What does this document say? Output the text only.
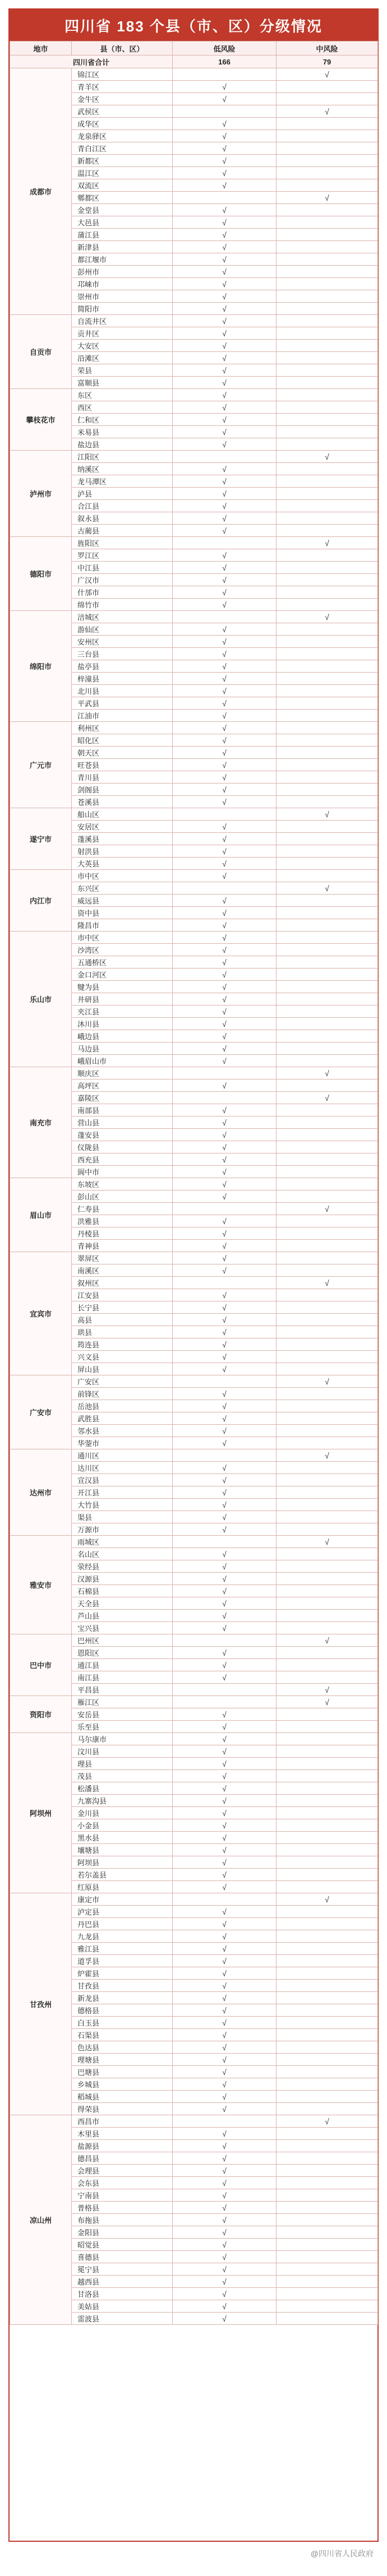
四川省 183 个县（市、区）分级情况
地市	县（市、区）	低风险	中风险
四川省合计		166	79
成都市	锦江区		√
	青羊区	√	
	金牛区	√	
	武侯区		√
	成华区	√	
	龙泉驿区	√	
	青白江区	√	
	新都区	√	
	温江区	√	
	双流区	√	
	郫都区		√
	金堂县	√	
	大邑县	√	
	蒲江县	√	
	新津县	√	
	都江堰市	√	
	彭州市	√	
	邛崃市	√	
	崇州市	√	
	简阳市	√	
自贡市	自流井区	√	
	贡井区	√	
	大安区	√	
	沿滩区	√	
	荣县	√	
	富顺县	√	
攀枝花市	东区	√	
	西区	√	
	仁和区	√	
	米易县	√	
	盐边县	√	
泸州市	江阳区		√
	纳溪区	√	
	龙马潭区	√	
	泸县	√	
	合江县	√	
	叙永县	√	
	古蔺县	√	
德阳市	旌阳区		√
	罗江区	√	
	中江县	√	
	广汉市	√	
	什邡市	√	
	绵竹市	√	
绵阳市	涪城区		√
	游仙区	√	
	安州区	√	
	三台县	√	
	盐亭县	√	
	梓潼县	√	
	北川县	√	
	平武县	√	
	江油市	√	
广元市	利州区	√	
	昭化区	√	
	朝天区	√	
	旺苍县	√	
	青川县	√	
	剑阁县	√	
	苍溪县	√	
遂宁市	船山区		√
	安居区	√	
	蓬溪县	√	
	射洪县	√	
	大英县	√	
内江市	市中区	√	
	东兴区		√
	威远县	√	
	资中县	√	
	隆昌市	√	
乐山市	市中区	√	
	沙湾区	√	
	五通桥区	√	
	金口河区	√	
	犍为县	√	
	井研县	√	
	夹江县	√	
	沐川县	√	
	峨边县	√	
	马边县	√	
	峨眉山市	√	
南充市	顺庆区		√
	高坪区	√	
	嘉陵区		√
	南部县	√	
	营山县	√	
	蓬安县	√	
	仪陇县	√	
	西充县	√	
	阆中市	√	
眉山市	东坡区	√	
	彭山区	√	
	仁寿县		√
	洪雅县	√	
	丹棱县	√	
	青神县	√	
宜宾市	翠屏区	√	
	南溪区	√	
	叙州区		√
	江安县	√	
	长宁县	√	
	高县	√	
	珙县	√	
	筠连县	√	
	兴文县	√	
	屏山县	√	
广安市	广安区		√
	前锋区	√	
	岳池县	√	
	武胜县	√	
	邻水县	√	
	华蓥市	√	
达州市	通川区		√
	达川区	√	
	宣汉县	√	
	开江县	√	
	大竹县	√	
	渠县	√	
	万源市	√	
雅安市	雨城区		√
	名山区	√	
	荥经县	√	
	汉源县	√	
	石棉县	√	
	天全县	√	
	芦山县	√	
	宝兴县	√	
巴中市	巴州区		√
	恩阳区	√	
	通江县	√	
	南江县	√	
	平昌县		√
资阳市	雁江区		√
	安岳县	√	
	乐至县	√	
阿坝州	马尔康市	√	
	汶川县	√	
	理县	√	
	茂县	√	
	松潘县	√	
	九寨沟县	√	
	金川县	√	
	小金县	√	
	黑水县	√	
	壤塘县	√	
	阿坝县	√	
	若尔盖县	√	
	红原县	√	
甘孜州	康定市		√
	泸定县	√	
	丹巴县	√	
	九龙县	√	
	雅江县	√	
	道孚县	√	
	炉霍县	√	
	甘孜县	√	
	新龙县	√	
	德格县	√	
	白玉县	√	
	石渠县	√	
	色达县	√	
	理塘县	√	
	巴塘县	√	
	乡城县	√	
	稻城县	√	
	得荣县	√	
凉山州	西昌市		√
	木里县	√	
	盐源县	√	
	德昌县	√	
	会理县	√	
	会东县	√	
	宁南县	√	
	普格县	√	
	布拖县	√	
	金阳县	√	
	昭觉县	√	
	喜德县	√	
	冕宁县	√	
	越西县	√	
	甘洛县	√	
	美姑县	√	
	雷波县	√	
@四川省人民政府
